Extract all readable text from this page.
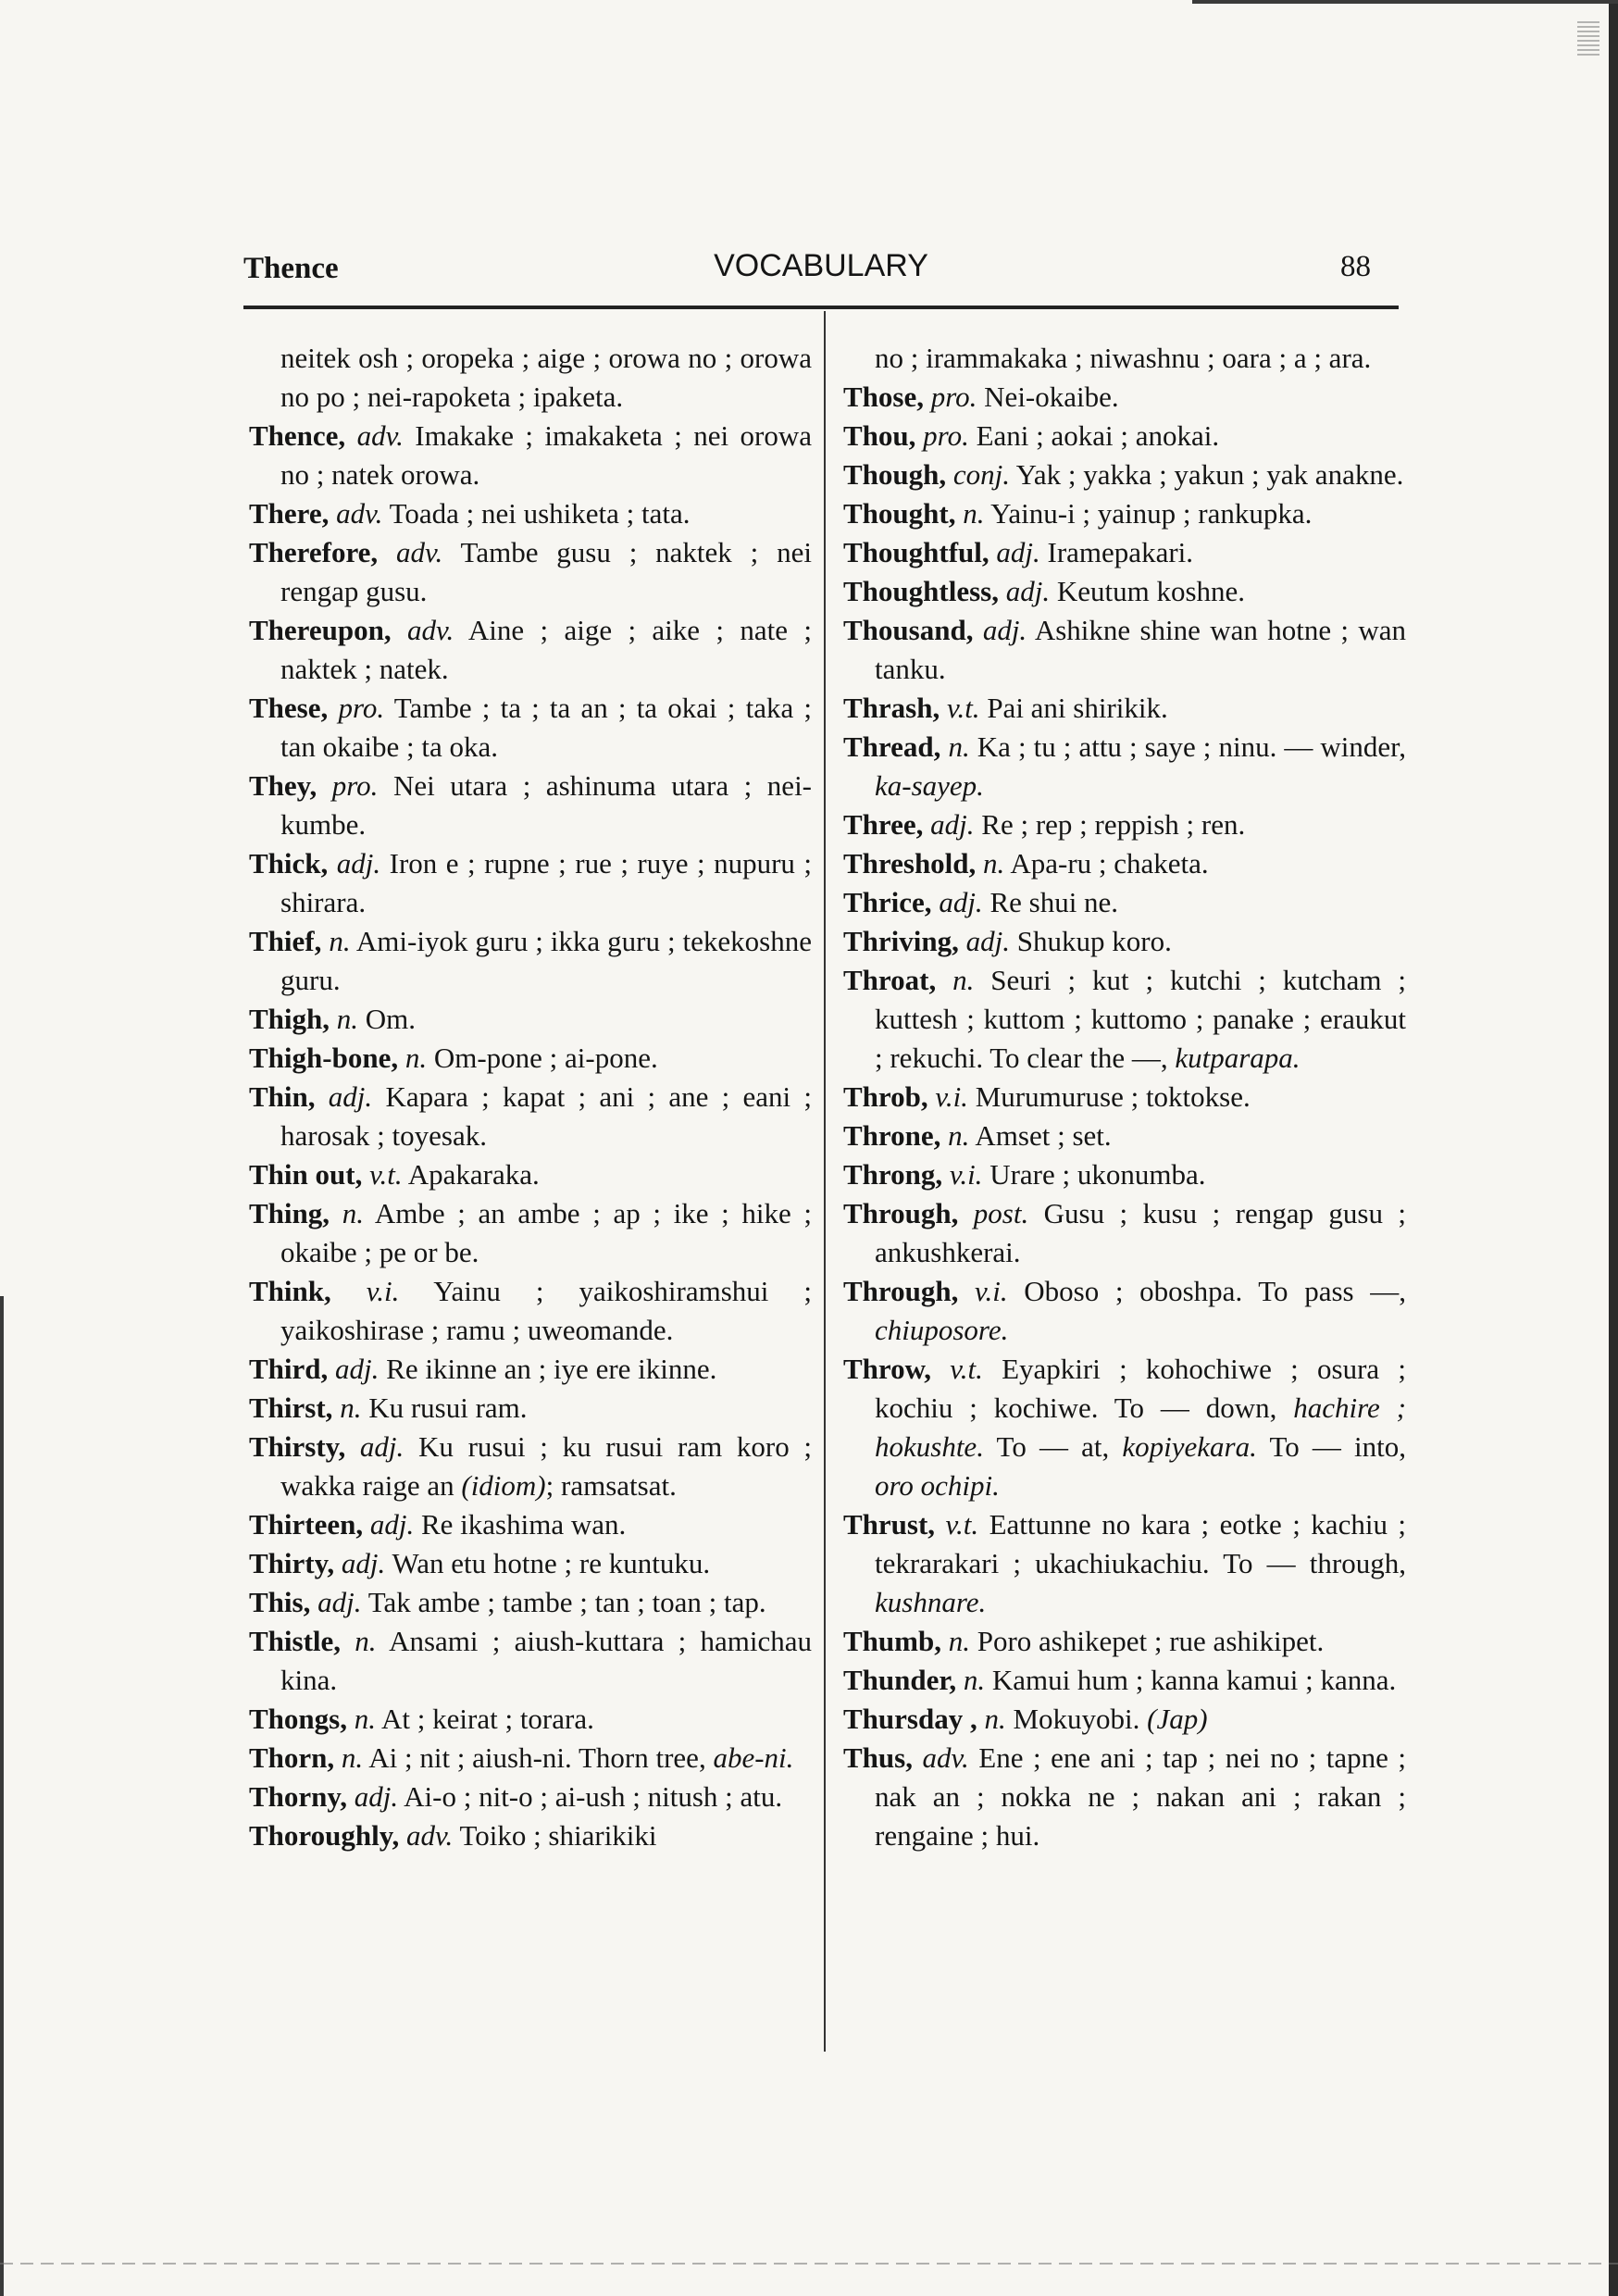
Thence	VOCABULARY	88
neitek osh ; oropeka ; aige ; orowa no ; orowa no po ; nei-rapoketa ; ipaketa.
Thence, adv. Imakake ; imakaketa ; nei orowa no ; natek orowa.
There, adv. Toada ; nei ushiketa ; tata.
Therefore, adv. Tambe gusu ; naktek ; nei rengap gusu.
Thereupon, adv. Aine ; aige ; aike ; nate ; naktek ; natek.
These, pro. Tambe ; ta ; ta an ; ta okai ; taka ; tan okaibe ; ta oka.
They, pro. Nei utara ; ashinuma utara ; nei-kumbe.
Thick, adj. Iron e ; rupne ; rue ; ruye ; nupuru ; shirara.
Thief, n. Ami-iyok guru ; ikka guru ; tekekoshne guru.
Thigh, n. Om.
Thigh-bone, n. Om-pone ; ai-pone.
Thin, adj. Kapara ; kapat ; ani ; ane ; eani ; harosak ; toyesak.
Thin out, v.t. Apakaraka.
Thing, n. Ambe ; an ambe ; ap ; ike ; hike ; okaibe ; pe or be.
Think, v.i. Yainu ; yaikoshiramshui ; yaikoshirase ; ramu ; uweomande.
Third, adj. Re ikinne an ; iye ere ikinne.
Thirst, n. Ku rusui ram.
Thirsty, adj. Ku rusui ; ku rusui ram koro ; wakka raige an (idiom); ramsatsat.
Thirteen, adj. Re ikashima wan.
Thirty, adj. Wan etu hotne ; re kuntuku.
This, adj. Tak ambe ; tambe ; tan ; toan ; tap.
Thistle, n. Ansami ; aiush-kuttara ; hamichau kina.
Thongs, n. At ; keirat ; torara.
Thorn, n. Ai ; nit ; aiush-ni. Thorn tree, abe-ni.
Thorny, adj. Ai-o ; nit-o ; ai-ush ; nitush ; atu.
Thoroughly, adv. Toiko ; shiarikiki
no ; irammakaka ; niwashnu ; oara ; a ; ara.
Those, pro. Nei-okaibe.
Thou, pro. Eani ; aokai ; anokai.
Though, conj. Yak ; yakka ; yakun ; yak anakne.
Thought, n. Yainu-i ; yainup ; rankupka.
Thoughtful, adj. Iramepakari.
Thoughtless, adj. Keutum koshne.
Thousand, adj. Ashikne shine wan hotne ; wan tanku.
Thrash, v.t. Pai ani shirikik.
Thread, n. Ka ; tu ; attu ; saye ; ninu. — winder, ka-sayep.
Three, adj. Re ; rep ; reppish ; ren.
Threshold, n. Apa-ru ; chaketa.
Thrice, adj. Re shui ne.
Thriving, adj. Shukup koro.
Throat, n. Seuri ; kut ; kutchi ; kutcham ; kuttesh ; kuttom ; kuttomo ; panake ; eraukut ; rekuchi. To clear the —, kutparapa.
Throb, v.i. Murumuruse ; toktokse.
Throne, n. Amset ; set.
Throng, v.i. Urare ; ukonumba.
Through, post. Gusu ; kusu ; rengap gusu ; ankushkerai.
Through, v.i. Oboso ; oboshpa. To pass —, chiuposore.
Throw, v.t. Eyapkiri ; kohochiwe ; osura ; kochiu ; kochiwe. To — down, hachire ; hokushte. To — at, kopiyekara. To — into, oro ochipi.
Thrust, v.t. Eattunne no kara ; eotke ; kachiu ; tekrarakari ; ukachiukachiu. To — through, kushnare.
Thumb, n. Poro ashikepet ; rue ashikipet.
Thunder, n. Kamui hum ; kanna kamui ; kanna.
Thursday , n. Mokuyobi. (Jap)
Thus, adv. Ene ; ene ani ; tap ; nei no ; tapne ; nak an ; nokka ne ; nakan ani ; rakan ; rengaine ; hui.
